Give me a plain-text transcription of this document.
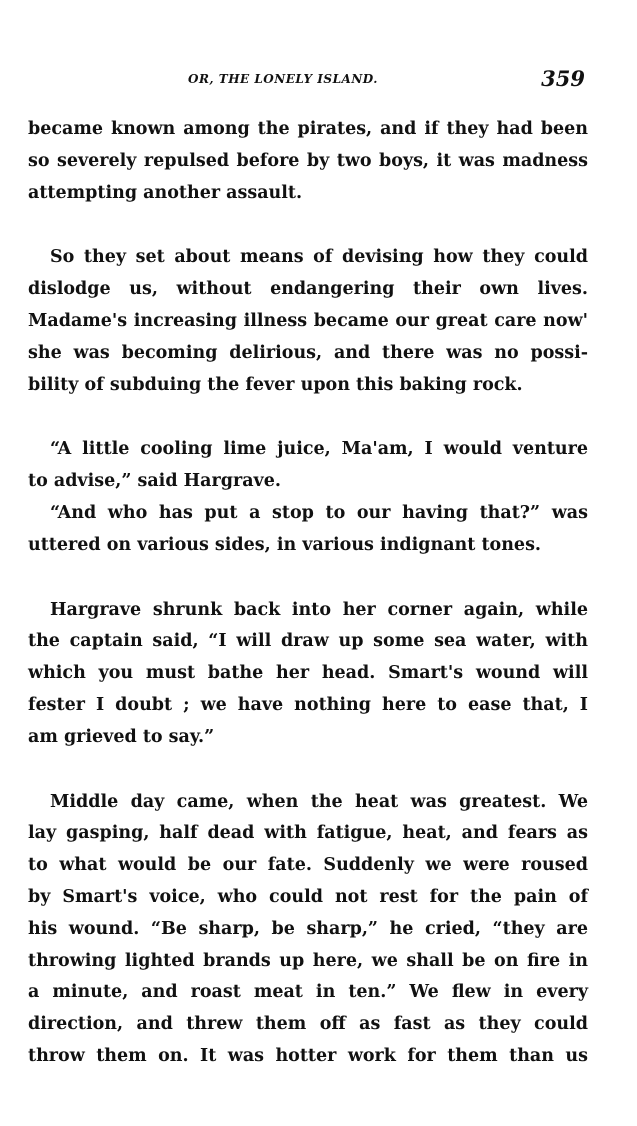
OR, THE LONELY ISLAND.	359
became known among the pirates, and if they had been
so severely repulsed before by two boys, it was madness
attempting another assault.
So they set about means of devising how they could
dislodge us, without endangering their own lives.
Madame's increasing illness became our great care now'
she was becoming delirious, and there was no possi-
bility of subduing the fever upon this baking rock.
“A little cooling lime juice, Ma'am, I would venture
to advise,” said Hargrave.
“And who has put a stop to our having that?” was
uttered on various sides, in various indignant tones.
Hargrave shrunk back into her corner again, while
the captain said, “I will draw up some sea water, with
which you must bathe her head. Smart's wound will
fester I doubt ; we have nothing here to ease that, I
am grieved to say.”
Middle day came, when the heat was greatest. We
lay gasping, half dead with fatigue, heat, and fears as
to what would be our fate. Suddenly we were roused
by Smart's voice, who could not rest for the pain of
his wound. “Be sharp, be sharp,” he cried, “they are
throwing lighted brands up here, we shall be on fire in
a minute, and roast meat in ten.” We flew in every
direction, and threw them off as fast as they could
throw them on. It was hotter work for them than us
